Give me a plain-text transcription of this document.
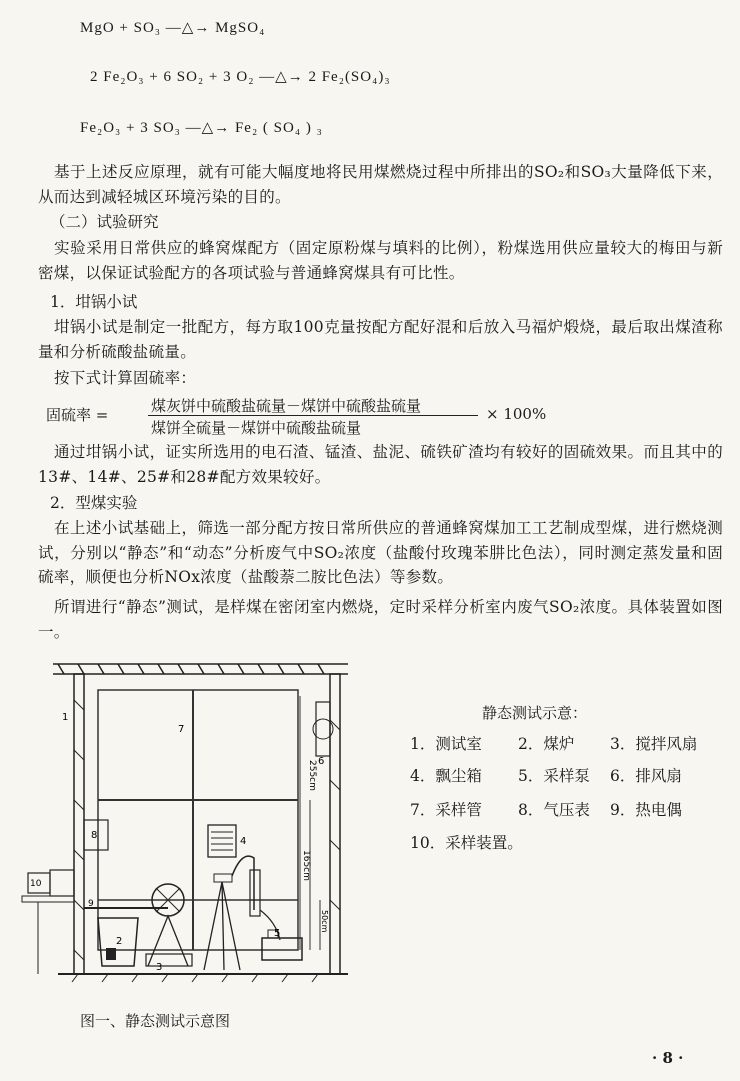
MgO + SO₃ —△→ MgSO₄
2 Fe₂O₃ + 6 SO₂ + 3 O₂ —△→ 2 Fe₂(SO₄)₃
Fe₂O₃ + 3 SO₃ —△→ Fe₂ ( SO₄ ) ₃
基于上述反应原理，就有可能大幅度地将民用煤燃烧过程中所排出的SO₂和SO₃大量降低下来，从而达到减轻城区环境污染的目的。
（二）试验研究
实验采用日常供应的蜂窝煤配方（固定原粉煤与填料的比例），粉煤选用供应量较大的梅田与新密煤，以保证试验配方的各项试验与普通蜂窝煤具有可比性。
1．坩锅小试
坩锅小试是制定一批配方，每方取100克量按配方配好混和后放入马福炉煅烧，最后取出煤渣称量和分析硫酸盐硫量。
按下式计算固硫率：
固硫率 =	煤灰饼中硫酸盐硫量－煤饼中硫酸盐硫量
煤饼全硫量－煤饼中硫酸盐硫量
× 100%
通过坩锅小试，证实所选用的电石渣、锰渣、盐泥、硫铁矿渣均有较好的固硫效果。而且其中的13#、14#、25#和28#配方效果较好。
2．型煤实验
在上述小试基础上，筛选一部分配方按日常所供应的普通蜂窝煤加工工艺制成型煤，进行燃烧测试，分别以“静态”和“动态”分析废气中SO₂浓度（盐酸付玫瑰苯肼比色法），同时测定蒸发量和固硫率，顺便也分析NOx浓度（盐酸萘二胺比色法）等参数。
所谓进行“静态”测试，是样煤在密闭室内燃烧，定时采样分析室内废气SO₂浓度。具体装置如图一。
1
2
3
4
5
6
7
8
9
10
255cm
165cm
50cm
静态测试示意：
1．测试室	2．煤炉	3．搅拌风扇
4．飘尘箱	5．采样泵	6．排风扇
7．采样管	8．气压表	9．热电偶
10．采样装置。
图一、静态测试示意图
· 8 ·
